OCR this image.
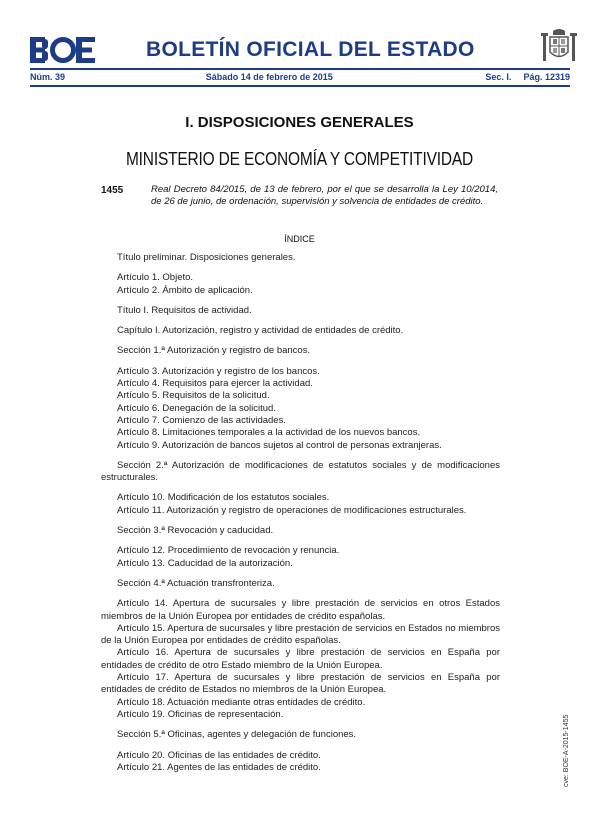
BOLETÍN OFICIAL DEL ESTADO
Núm. 39	Sábado 14 de febrero de 2015	Sec. I. Pág. 12319
I. DISPOSICIONES GENERALES
MINISTERIO DE ECONOMÍA Y COMPETITIVIDAD
1455	Real Decreto 84/2015, de 13 de febrero, por el que se desarrolla la Ley 10/2014, de 26 de junio, de ordenación, supervisión y solvencia de entidades de crédito.
ÍNDICE
Título preliminar. Disposiciones generales.
Artículo 1. Objeto.
Artículo 2. Ámbito de aplicación.
Título I. Requisitos de actividad.
Capítulo I. Autorización, registro y actividad de entidades de crédito.
Sección 1.ª Autorización y registro de bancos.
Artículo 3. Autorización y registro de los bancos.
Artículo 4. Requisitos para ejercer la actividad.
Artículo 5. Requisitos de la solicitud.
Artículo 6. Denegación de la solicitud.
Artículo 7. Comienzo de las actividades.
Artículo 8. Limitaciones temporales a la actividad de los nuevos bancos.
Artículo 9. Autorización de bancos sujetos al control de personas extranjeras.
Sección 2.ª Autorización de modificaciones de estatutos sociales y de modificaciones estructurales.
Artículo 10. Modificación de los estatutos sociales.
Artículo 11. Autorización y registro de operaciones de modificaciones estructurales.
Sección 3.ª Revocación y caducidad.
Artículo 12. Procedimiento de revocación y renuncia.
Artículo 13. Caducidad de la autorización.
Sección 4.ª Actuación transfronteriza.
Artículo 14. Apertura de sucursales y libre prestación de servicios en otros Estados miembros de la Unión Europea por entidades de crédito españolas.
Artículo 15. Apertura de sucursales y libre prestación de servicios en Estados no miembros de la Unión Europea por entidades de crédito españolas.
Artículo 16. Apertura de sucursales y libre prestación de servicios en España por entidades de crédito de otro Estado miembro de la Unión Europea.
Artículo 17. Apertura de sucursales y libre prestación de servicios en España por entidades de crédito de Estados no miembros de la Unión Europea.
Artículo 18. Actuación mediante otras entidades de crédito.
Artículo 19. Oficinas de representación.
Sección 5.ª Oficinas, agentes y delegación de funciones.
Artículo 20. Oficinas de las entidades de crédito.
Artículo 21. Agentes de las entidades de crédito.	cve: BOE-A-2015-1455
